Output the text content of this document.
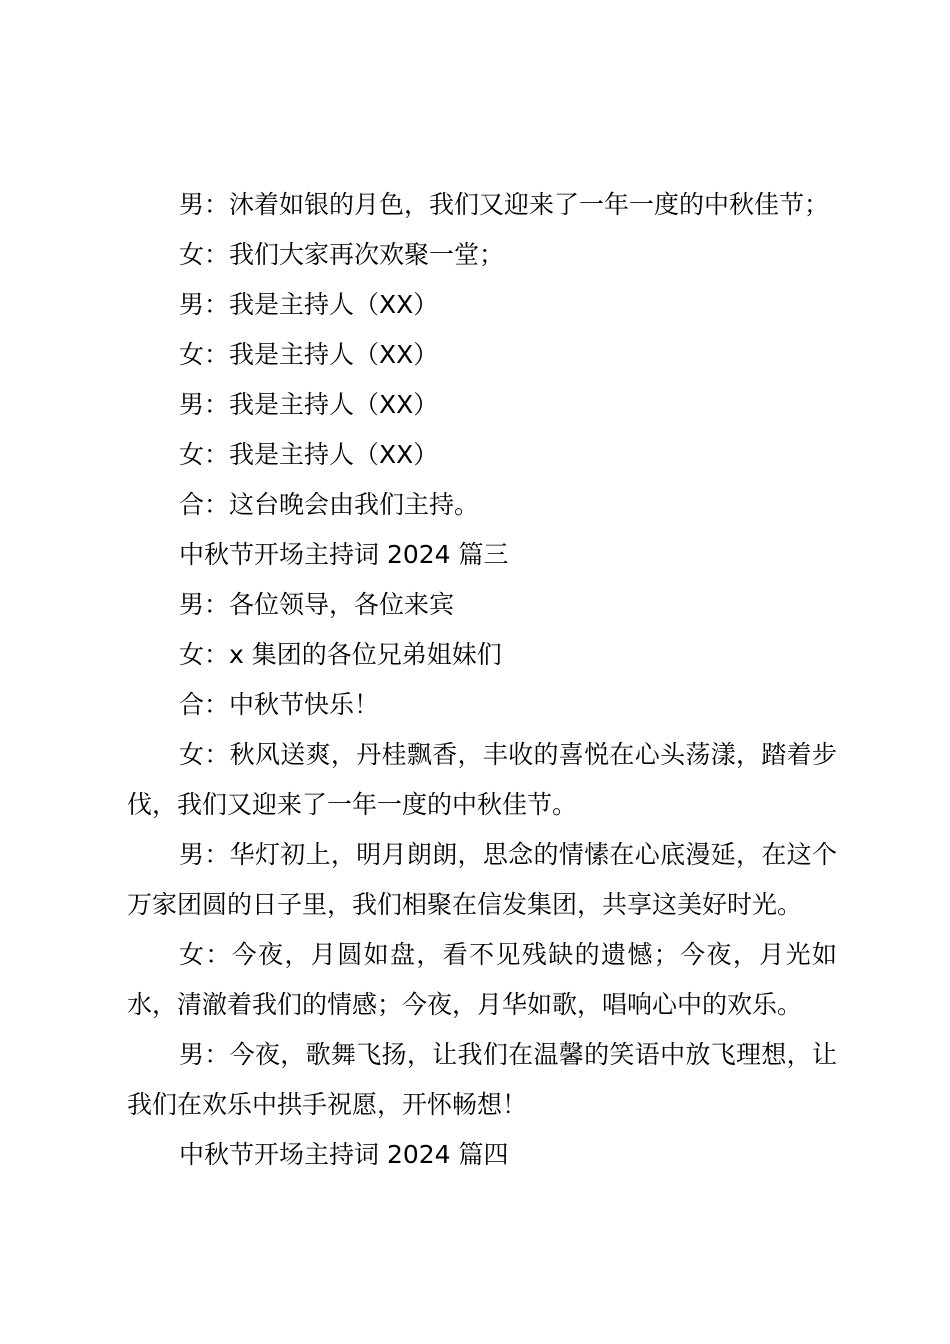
男：沐着如银的月色，我们又迎来了一年一度的中秋佳节；

女：我们大家再次欢聚一堂；

男：我是主持人（XX）

女：我是主持人（XX）

男：我是主持人（XX）

女：我是主持人（XX）

合：这台晚会由我们主持。

中秋节开场主持词 2024 篇三

男：各位领导，各位来宾

女：x 集团的各位兄弟姐妹们

合：中秋节快乐！

女：秋风送爽，丹桂飘香，丰收的喜悦在心头荡漾，踏着步伐，我们又迎来了一年一度的中秋佳节。

男：华灯初上，明月朗朗，思念的情愫在心底漫延，在这个万家团圆的日子里，我们相聚在信发集团，共享这美好时光。

女：今夜，月圆如盘，看不见残缺的遗憾；今夜，月光如水，清澈着我们的情感；今夜，月华如歌，唱响心中的欢乐。

男：今夜，歌舞飞扬，让我们在温馨的笑语中放飞理想，让我们在欢乐中拱手祝愿，开怀畅想！

中秋节开场主持词 2024 篇四
